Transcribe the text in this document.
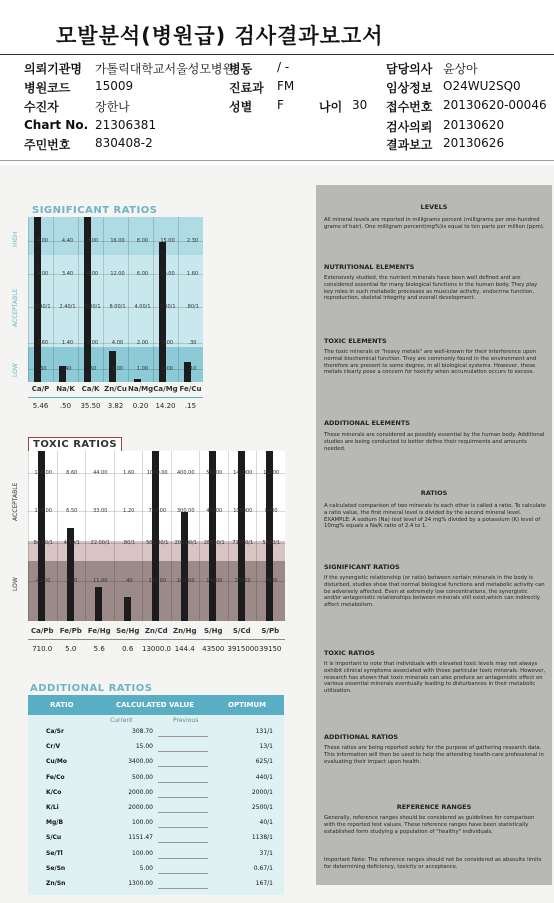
모발분석(병원급) 검사결과보고서
의뢰기관명 가톨릭대학교서울성모병원
병원코드 15009
수진자	장한나
Chart No. 21306381
주민번호 830408-2
병동 / -
진료과 FM
성별 F	나이 30
담당의사 윤상아
임상정보 O24WU2SQ0
접수번호 20130620-00046
검사의뢰 20130620
결과보고 20130626
SIGNIFICANT RATIOS
HIGH
ACCEPTABLE
LOW
4.00
3.00
2.40/1
1.60
.60
Ca/P
5.46
4.40
3.40
2.40/1
1.40
.40
Na/K
.50
8.00
6.00
4.00/1
2.00
.50
Ca/K
35.50
16.00
12.00
8.00/1
4.00
1.00
Zn/Cu
3.82
8.00
6.00
4.00/1
2.00
1.00
Na/Mg
0.20
15.00
10.00
7.00/1
3.00
1.00
Ca/Mg
14.20
2.30
1.60
.80/1
.30
.10
Fe/Cu
.15
TOXIC RATIOS
ACCEPTABLE
LOW
168.00
126.00
84.00/1
42.00
Ca/Pb
710.0
8.60
6.50
4.30/1
2.20
Fe/Pb
5.0
44.00
33.00
22.00/1
11.00
Fe/Hg
5.6
1.60
1.20
.80/1
.40
Se/Hg
0.6
1000.00
750.00
500.00/1
250.00
Zn/Cd
13000.0
400.00
300.00
200.00/1
100.00
Zn/Hg
144.4
56000
42000
28000/1
14000
S/Hg
43500
142000
106000
71000/1
35500
S/Cd
3915000
11200
8400
5600/1
2800
S/Pb
39150
ADDITIONAL RATIOS
RATIO	CALCULATED VALUE	OPTIMUM
Current	Previous
Ca/Sr	308.70	131/1
Cr/V	15.00	13/1
Cu/Mo	3400.00	625/1
Fe/Co	500.00	440/1
K/Co	2000.00	2000/1
K/Li	2000.00	2500/1
Mg/B	100.00	40/1
S/Cu	1151.47	1138/1
Se/Tl	100.00	37/1
Se/Sn	5.00	0.67/1
Zn/Sn	1300.00	167/1
LEVELS
All mineral levels are reported in milligrams percent (milligrams per one-hundred grams of hair). One milligram percent(mg%)is equal to ten parts per million (ppm).
NUTRITIONAL ELEMENTS
Extensively studied, the nutrient minerals have been well defined and are considered essential for many biological functions in the human body. They play key roles in such metabolic processes as muscular activity, endocrine function, reproduction, skeletal integrity and overall development.
TOXIC ELEMENTS
The toxic minerals or "heavy metals" are well-known for their interference upon normal biochemical function. They are commonly found in the environment and therefore are present to some degree, in all biological systems. However, these metals clearly pose a concern for toxicity when accumulation occurs to excess.
ADDITIONAL ELEMENTS
These minerals are considered as possibly essential by the human body. Additional studies are being conducted to better define their requirments and amounts needed.
RATIOS
A calculated comparison of two minerals to each other is called a ratio. To calculate a ratio value, the first mineral level is divided by the second mineral level. EXAMPLE: A sodium (Na) test level of 24 mg% divided by a potassium (K) level of 10mg% equals a Na/K ratio of 2.4 to 1.
SIGNIFICANT RATIOS
If the synergistic relationship (or ratio) between certain minerals in the body is disturbed, studies show that normal biological functions and metabolic activity can be adversely affected. Even at extremely low concentrations, the synergistic and/or antagonistic relationships between minerals still exist,which can indirectly affect metabolism.
TOXIC RATIOS
It is important to note that individuals with elevated toxic levels may not always exhibit clinical symptoms associated with those particular toxic minerals. However, research has shown that toxic minerals can also produce an antagonistic effect on various essential minerals eventually leading to disturbances in their metabolic utilization.
ADDITIONAL RATIOS
These ratios are being reported solely for the purpose of gathering research data. This information will then be used to help the attending health-care professional in evaluating their impact upon health.
REFERENCE RANGES
Generally, reference ranges should be considered as guidelines for comparison with the reported test values. These reference ranges have been statistically established form studying a population of "healthy" individuals.
Important Note: The reference ranges should not be considered as absoulte limits for determining deficiency, toxicity or acceptance.
